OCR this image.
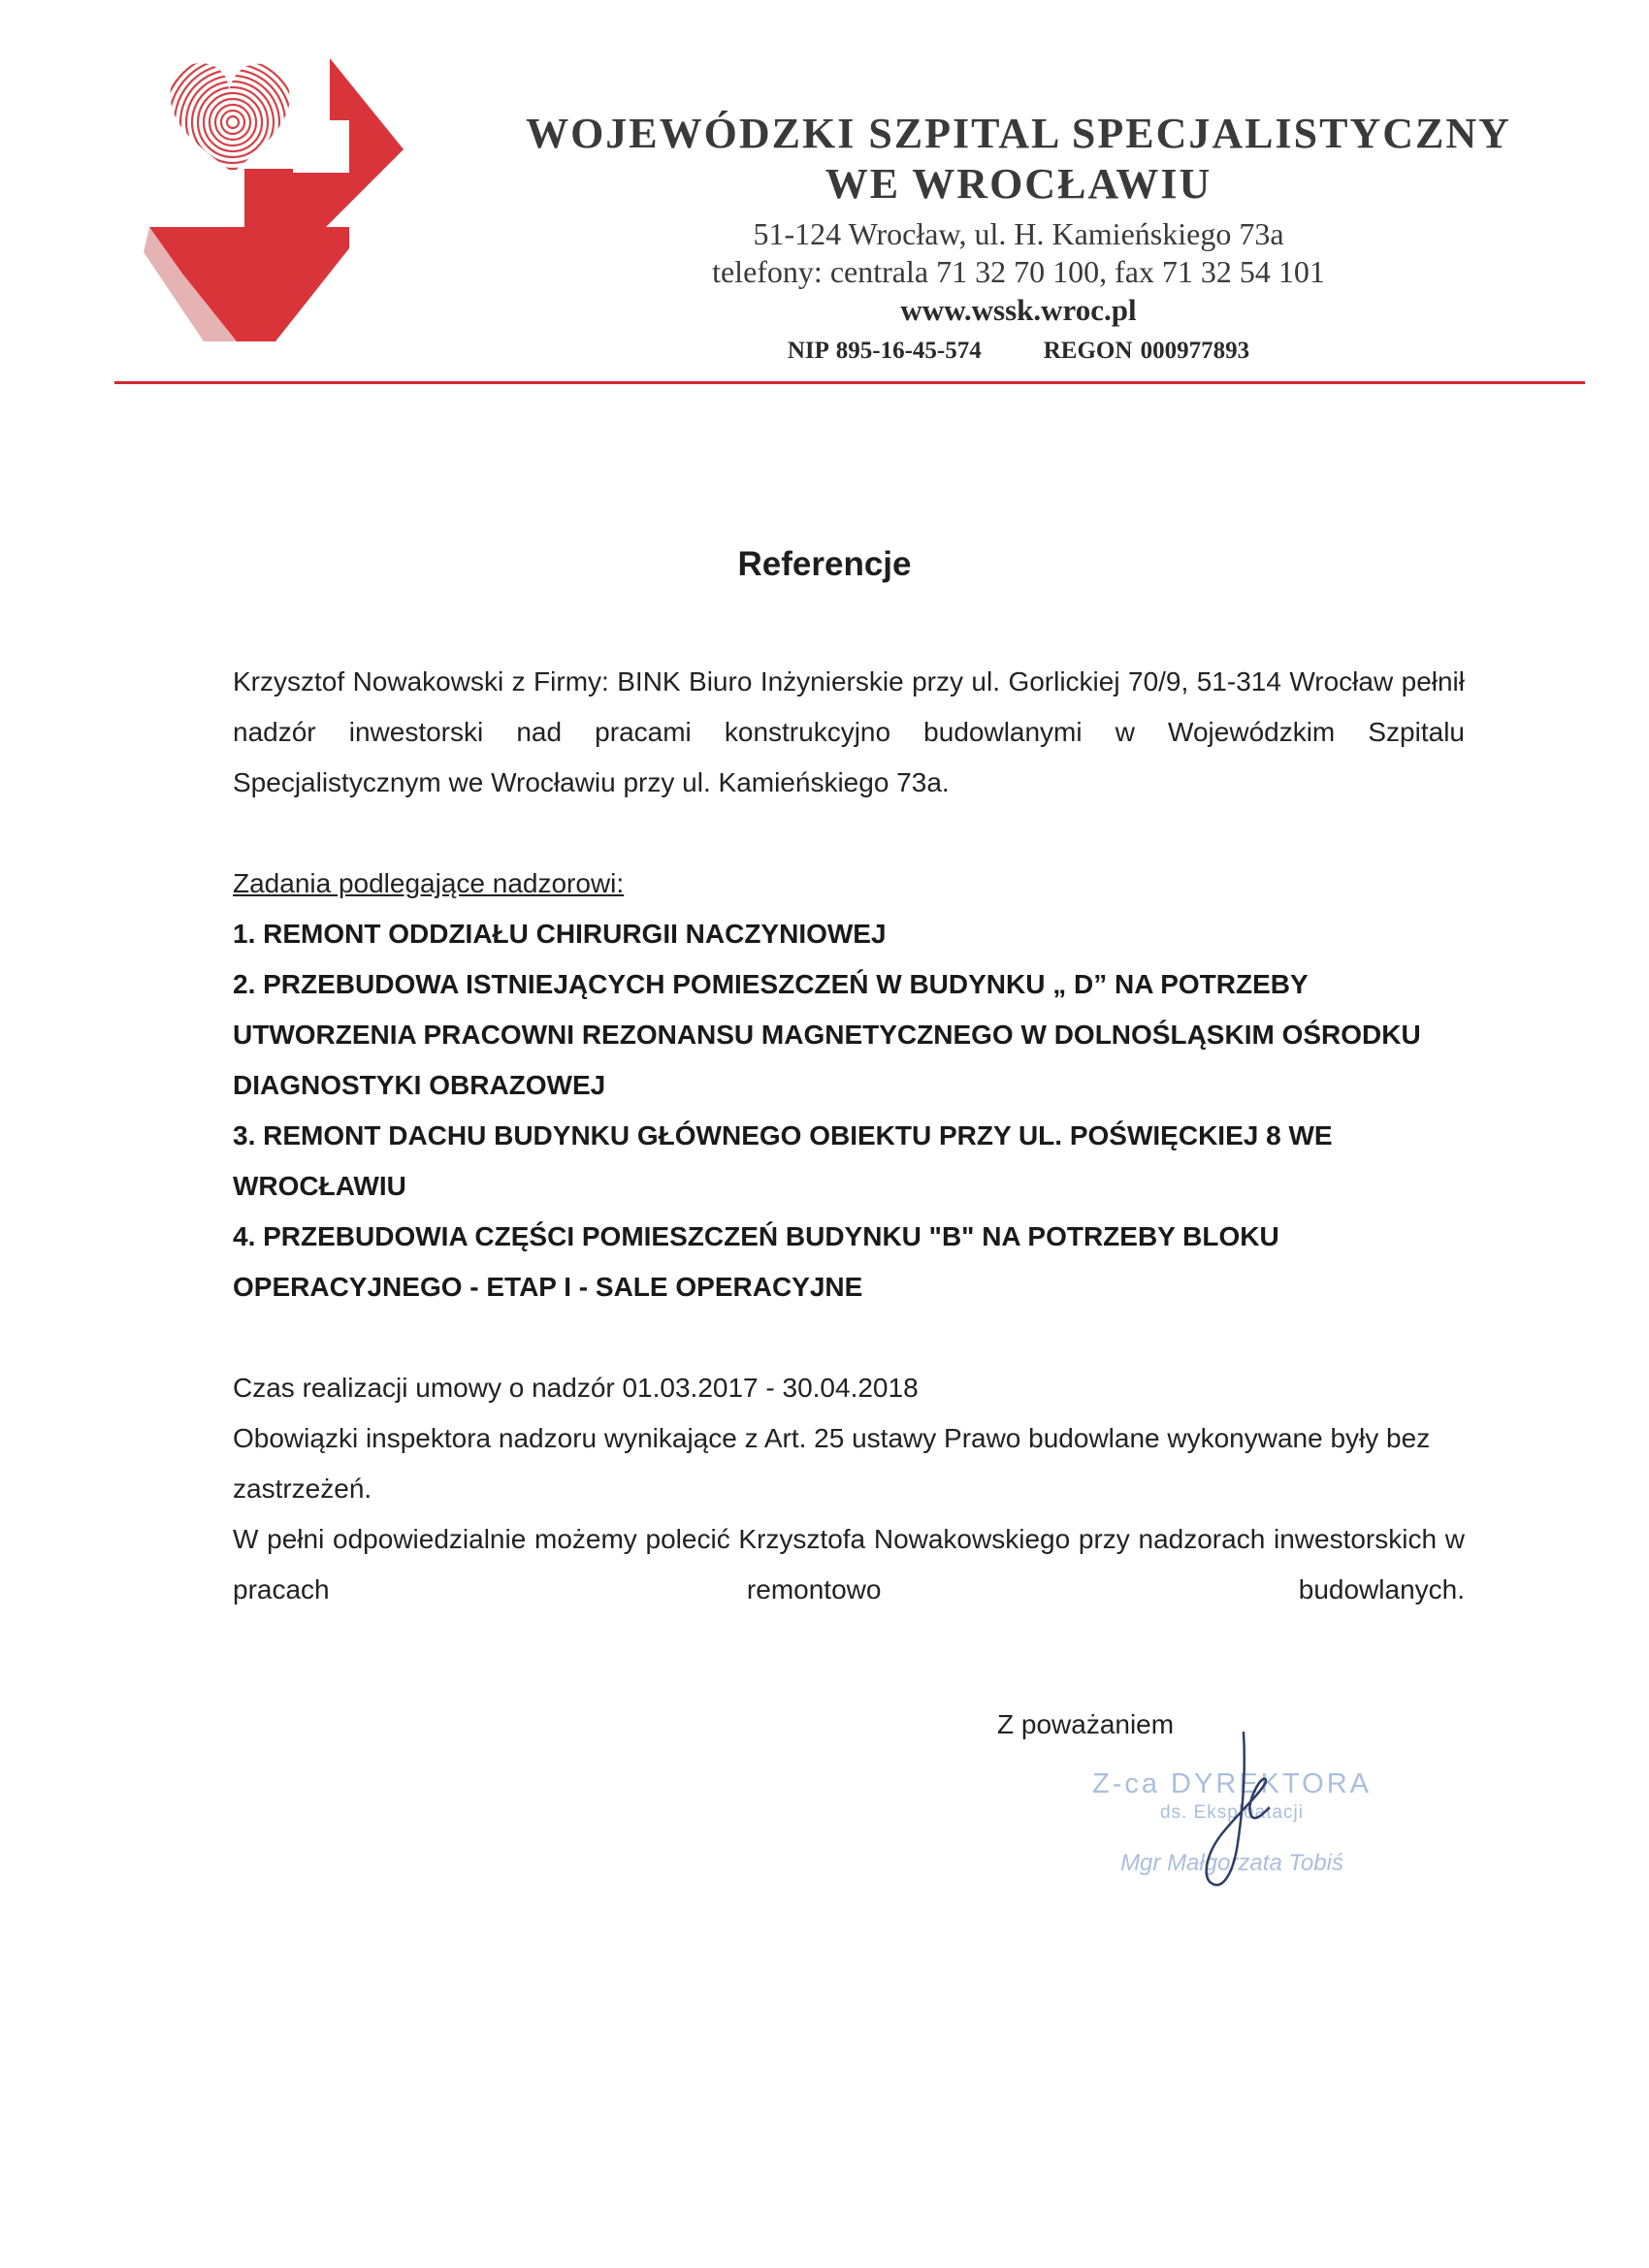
WOJEWÓDZKI SZPITAL SPECJALISTYCZNY
WE WROCŁAWIU
51-124 Wrocław, ul. H. Kamieńskiego 73a
telefony: centrala 71 32 70 100, fax 71 32 54 101
www.wssk.wroc.pl
NIP 895-16-45-574	REGON 000977893
Referencje

Krzysztof Nowakowski z Firmy: BINK Biuro Inżynierskie przy ul. Gorlickiej 70/9, 51-314 Wrocław pełnił nadzór inwestorski nad pracami konstrukcyjno budowlanymi w Wojewódzkim Szpitalu Specjalistycznym we Wrocławiu przy ul. Kamieńskiego 73a.

Zadania podlegające nadzorowi:

1. REMONT ODDZIAŁU CHIRURGII NACZYNIOWEJ

2. PRZEBUDOWA ISTNIEJĄCYCH POMIESZCZEŃ W BUDYNKU „ D” NA POTRZEBY UTWORZENIA PRACOWNI REZONANSU MAGNETYCZNEGO W DOLNOŚLĄSKIM OŚRODKU DIAGNOSTYKI OBRAZOWEJ

3. REMONT DACHU BUDYNKU GŁÓWNEGO OBIEKTU PRZY UL. POŚWIĘCKIEJ 8 WE WROCŁAWIU

4. PRZEBUDOWIA CZĘŚCI POMIESZCZEŃ BUDYNKU "B" NA POTRZEBY BLOKU OPERACYJNEGO - ETAP I - SALE OPERACYJNE

Czas realizacji umowy o nadzór 01.03.2017 - 30.04.2018

Obowiązki inspektora nadzoru wynikające z Art. 25 ustawy Prawo budowlane wykonywane były bez zastrzeżeń.

W pełni odpowiedzialnie możemy polecić Krzysztofa Nowakowskiego przy nadzorach inwestorskich w pracach remontowo budowlanych.

Z poważaniem
Z-ca DYREKTORA
ds. Eksploatacji
Mgr Małgorzata Tobiś
